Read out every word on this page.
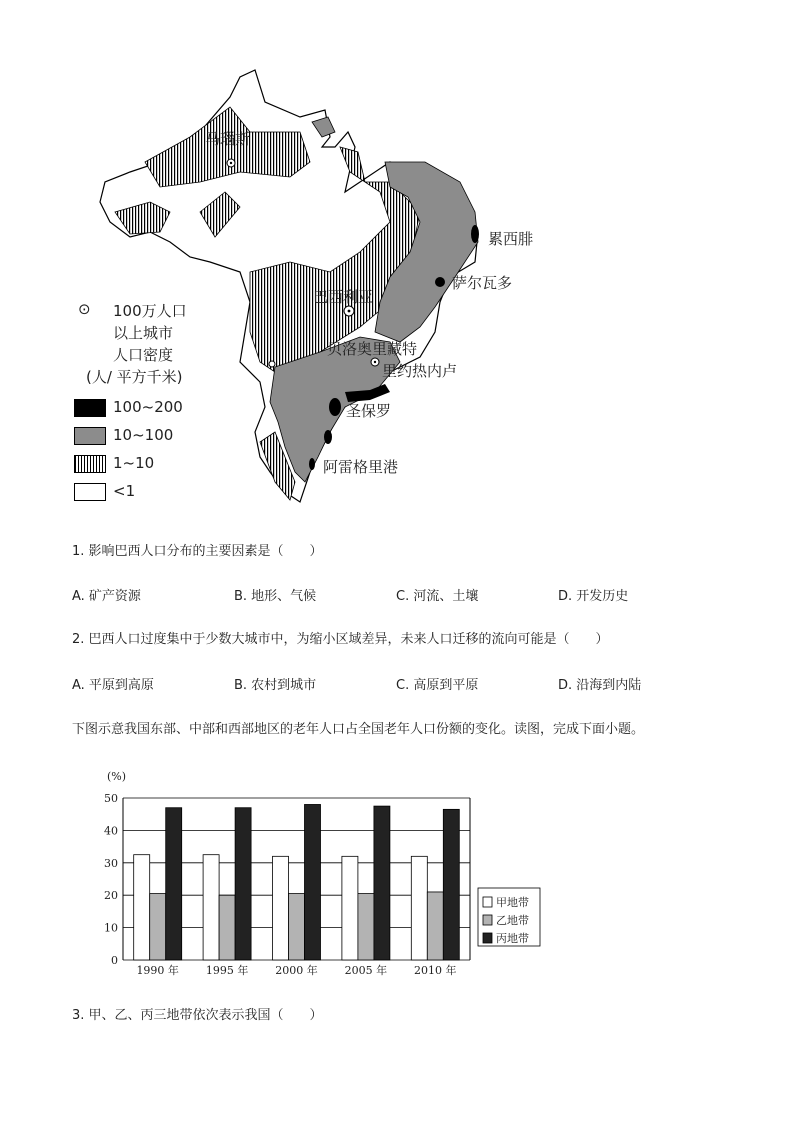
马瑙斯
累西腓
萨尔瓦多
巴西利亚
贝洛奥里藏特
里约热内卢
圣保罗
阿雷格里港
⊙ 100万人口
以上城市
人口密度
(人/ 平方千米)
100~200
10~100
1~10
<1
1. 影响巴西人口分布的主要因素是（　　）
A. 矿产资源	B. 地形、气候	C. 河流、土壤	D. 开发历史
2. 巴西人口过度集中于少数大城市中，为缩小区域差异，未来人口迁移的流向可能是（　　）
A. 平原到高原	B. 农村到城市	C. 高原到平原	D. 沿海到内陆
下图示意我国东部、中部和西部地区的老年人口占全国老年人口份额的变化。读图，完成下面小题。
(%)
0
10
20
30
40
50
1990 年 1995 年 2000 年 2005 年 2010 年
甲地带
乙地带
丙地带
3. 甲、乙、丙三地带依次表示我国（　　）
